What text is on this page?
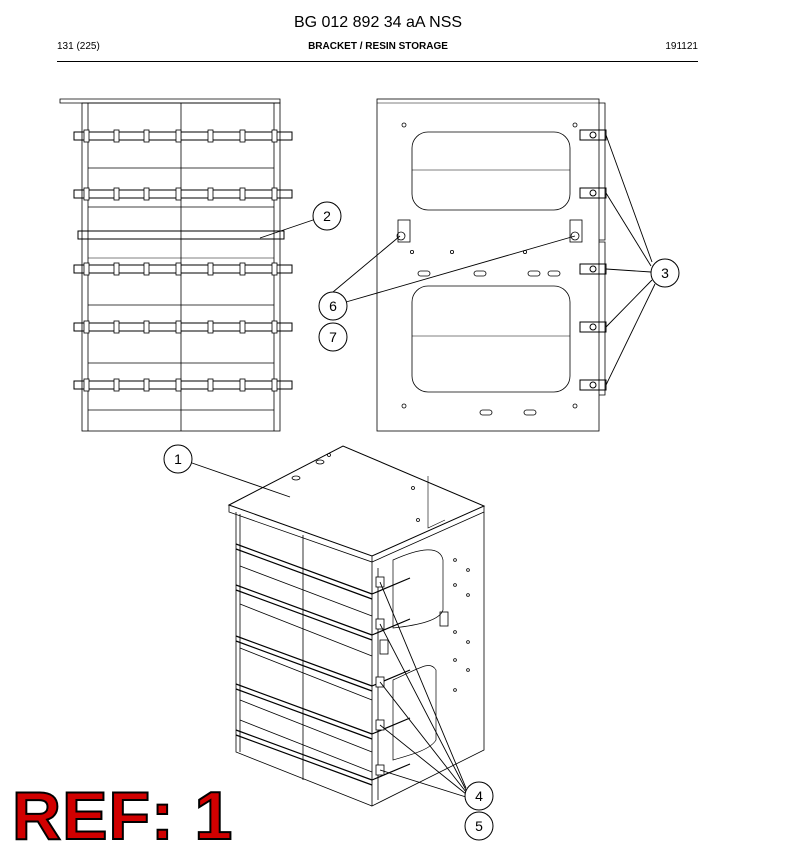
BG 012 892 34 aA NSS
131 (225)	BRACKET / RESIN STORAGE	191121
1
2
3
4
5
6
7
REF: 1
